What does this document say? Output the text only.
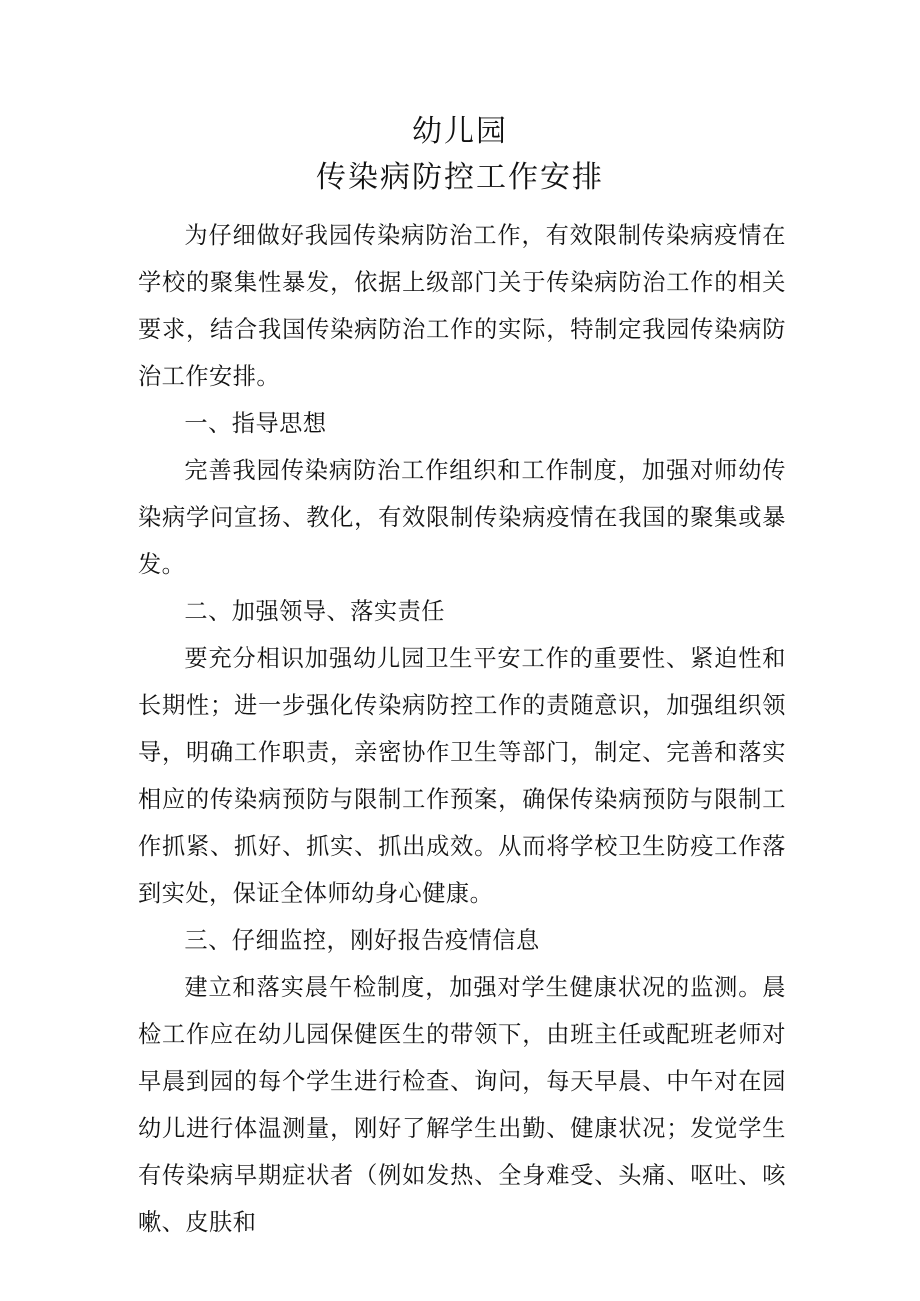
幼儿园
传染病防控工作安排

为仔细做好我园传染病防治工作，有效限制传染病疫情在学校的聚集性暴发，依据上级部门关于传染病防治工作的相关要求，结合我国传染病防治工作的实际，特制定我园传染病防治工作安排。

一、指导思想

完善我园传染病防治工作组织和工作制度，加强对师幼传染病学问宣扬、教化，有效限制传染病疫情在我国的聚集或暴发。

二、加强领导、落实责任

要充分相识加强幼儿园卫生平安工作的重要性、紧迫性和长期性；进一步强化传染病防控工作的责随意识，加强组织领导，明确工作职责，亲密协作卫生等部门，制定、完善和落实相应的传染病预防与限制工作预案，确保传染病预防与限制工作抓紧、抓好、抓实、抓出成效。从而将学校卫生防疫工作落到实处，保证全体师幼身心健康。

三、仔细监控，刚好报告疫情信息

建立和落实晨午检制度，加强对学生健康状况的监测。晨检工作应在幼儿园保健医生的带领下，由班主任或配班老师对早晨到园的每个学生进行检查、询问，每天早晨、中午对在园幼儿进行体温测量，刚好了解学生出勤、健康状况；发觉学生有传染病早期症状者（例如发热、全身难受、头痛、呕吐、咳嗽、皮肤和
